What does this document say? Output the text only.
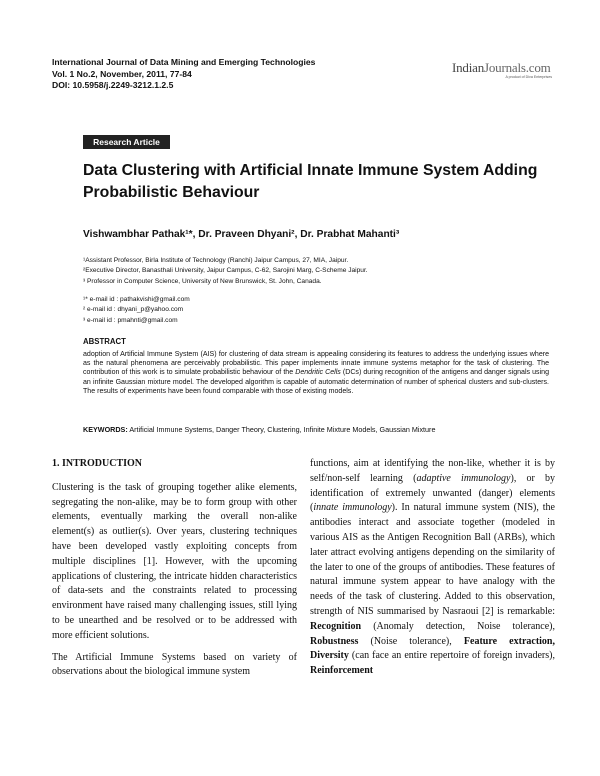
International Journal of Data Mining and Emerging Technologies
Vol. 1 No.2, November, 2011, 77-84
DOI: 10.5958/j.2249-3212.1.2.5
IndianJournals.com
A product of Diva Enterprises
Research Article
Data Clustering with Artificial Innate Immune System Adding Probabilistic Behaviour
Vishwambhar Pathak¹*, Dr. Praveen Dhyani², Dr. Prabhat Mahanti³
¹Assistant Professor, Birla Institute of Technology (Ranchi) Jaipur Campus, 27, MIA, Jaipur.
²Executive Director, Banasthali University, Jaipur Campus, C-62, Sarojini Marg, C-Scheme Jaipur.
³ Professor in Computer Science, University of New Brunswick, St. John, Canada.
¹* e-mail id : pathakvishi@gmail.com
² e-mail id : dhyani_p@yahoo.com
³ e-mail id : pmahnti@gmail.com
ABSTRACT
adoption of Artificial Immune System (AIS) for clustering of data stream is appealing considering its features to address the underlying issues where as the natural phenomena are perceivably probabilistic. This paper implements innate immune systems metaphor for the task of clustering. The contribution of this work is to simulate probabilistic behaviour of the Dendritic Cells (DCs) during recognition of the antigens and danger signals using an infinite Gaussian mixture model. The developed algorithm is capable of automatic determination of number of spherical clusters and sub-clusters. The results of experiments have been found comparable with those of existing models.
KEYWORDS: Artificial Immune Systems, Danger Theory, Clustering, Infinite Mixture Models, Gaussian Mixture

1. INTRODUCTION

Clustering is the task of grouping together alike elements, segregating the non-alike, may be to form group with other elements, eventually marking the overall non-alike element(s) as outlier(s). Over years, clustering techniques have been developed vastly exploiting concepts from multiple disciplines [1]. However, with the upcoming applications of clustering, the intricate hidden characteristics of data-sets and the constraints related to processing environment have raised many challenging issues, still lying to be unearthed and be resolved or to be addressed with more efficient solutions.

The Artificial Immune Systems based on variety of observations about the biological immune system

functions, aim at identifying the non-like, whether it is by self/non-self learning (adaptive immunology), or by identification of extremely unwanted (danger) elements (innate immunology). In natural immune system (NIS), the antibodies interact and associate together (modeled in various AIS as the Antigen Recognition Ball (ARBs), which later attract evolving antigens depending on the similarity of the later to one of the groups of antibodies. These features of natural immune system appear to have analogy with the needs of the task of clustering. Added to this observation, strength of NIS summarised by Nasraoui [2] is remarkable: Recognition (Anomaly detection, Noise tolerance), Robustness (Noise tolerance), Feature extraction, Diversity (can face an entire repertoire of foreign invaders), Reinforcement
